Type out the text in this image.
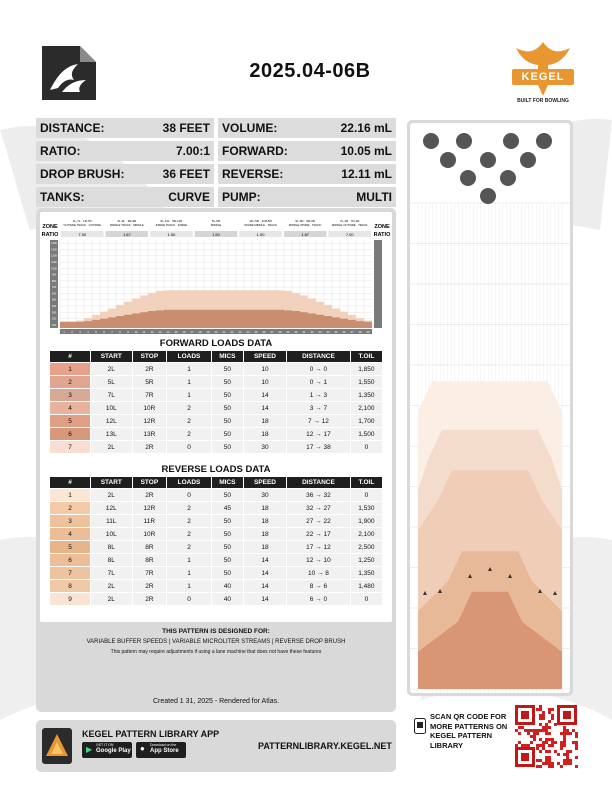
2025.04-06B	KEGEL
BUILT FOR BOWLING
DISTANCE:	38 FEET
RATIO:	7.00:1
DROP BRUSH:	36 FEET
TANKS:	CURVE
VOLUME:	22.16 mL
FORWARD:	10.05 mL
REVERSE:	12.11 mL
PUMP:	MULTI
ZONE
RATIO
ZONE
RATIO
1L-7L · 1R-7R
OUTSIDE TRACK · OUTSIDE
7.00
3L-9L · 3R-9R
MIDDLE TRACK · MIDDLE
1.67
5L-11L · 5R-11R
INSIDE TRACK · INSIDE
1.50
5L-5R
MIDDLE
1.50
11L-5R · 11R-5R
INSIDE MIDDLE · TRACK
1.50
9L-3R · 9R-3R
MIDDLE INSIDE · TRACK
1.67
7L-1R · 7R-1R
MIDDLE OUTSIDE · TRACK
7.00
1400
1300
1200
1100
1000
900
800
700
600
500
400
300
200
100
1 2 3 4 5 6 7 8 9 10 11 12 13 14 15 16 17 18 19 20 21 22 23 24 25 26 27 28 29 30 31 32 33 34 35 36 37 38 39
FORWARD LOADS DATA
#	START	STOP	LOADS	MICS	SPEED	DISTANCE	T.OIL
1	2L	2R	1	50	10	0 → 0	1,850
2	5L	5R	1	50	10	0 → 1	1,550
3	7L	7R	1	50	14	1 → 3	1,350
4	10L	10R	2	50	14	3 → 7	2,100
5	12L	12R	2	50	18	7 → 12	1,700
6	13L	13R	2	50	18	12 → 17	1,500
7	2L	2R	0	50	30	17 → 38	0
REVERSE LOADS DATA
#	START	STOP	LOADS	MICS	SPEED	DISTANCE	T.OIL
1	2L	2R	0	50	30	36 → 32	0
2	12L	12R	2	45	18	32 → 27	1,530
3	11L	11R	2	50	18	27 → 22	1,900
4	10L	10R	2	50	18	22 → 17	2,100
5	8L	8R	2	50	18	17 → 12	2,500
6	8L	8R	1	50	14	12 → 10	1,250
7	7L	7R	1	50	14	10 → 8	1,350
8	2L	2R	1	40	14	8 → 6	1,480
9	2L	2R	0	40	14	6 → 0	0
THIS PATTERN IS DESIGNED FOR:
VARIABLE BUFFER SPEEDS | VARIABLE MICROLITER STREAMS | REVERSE DROP BRUSH
This pattern may require adjustments if using a lane machine that does not have these features
Created 1 31, 2025 - Rendered for Atlas.
KEGEL PATTERN LIBRARY APP
GET IT ON
Google Play
▶	Download on the
App Store
●	PATTERNLIBRARY.KEGEL.NET
SCAN QR CODE FOR MORE PATTERNS ON KEGEL PATTERN LIBRARY
